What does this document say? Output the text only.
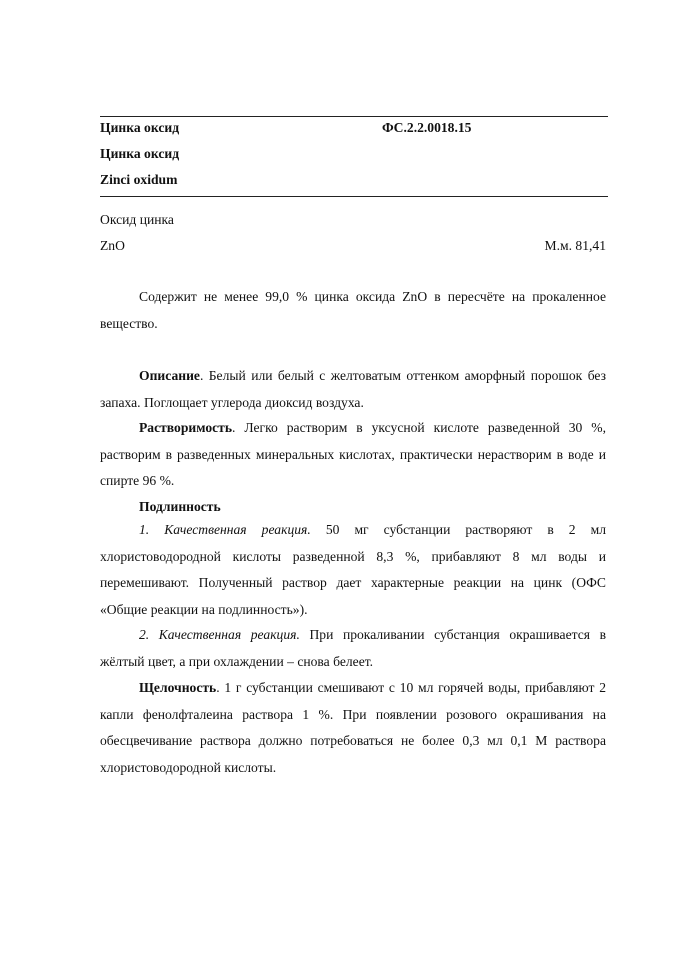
Цинка оксид	ФС.2.2.0018.15
Цинка оксид
Zinci oxidum
Оксид цинка
ZnO	М.м. 81,41
Содержит не менее 99,0 % цинка оксида ZnO в пересчёте на прокаленное вещество.
Описание. Белый или белый с желтоватым оттенком аморфный порошок без запаха. Поглощает углерода диоксид воздуха.
Растворимость. Легко растворим в уксусной кислоте разведенной 30 %, растворим в разведенных минеральных кислотах, практически нерастворим в воде и спирте 96 %.
Подлинность
1. Качественная реакция. 50 мг субстанции растворяют в 2 мл хлористоводородной кислоты разведенной 8,3 %, прибавляют 8 мл воды и перемешивают. Полученный раствор дает характерные реакции на цинк (ОФС «Общие реакции на подлинность»).
2. Качественная реакция. При прокаливании субстанция окрашивается в жёлтый цвет, а при охлаждении – снова белеет.
Щелочность. 1 г субстанции смешивают с 10 мл горячей воды, прибавляют 2 капли фенолфталеина раствора 1 %. При появлении розового окрашивания на обесцвечивание раствора должно потребоваться не более 0,3 мл 0,1 М раствора хлористоводородной кислоты.
